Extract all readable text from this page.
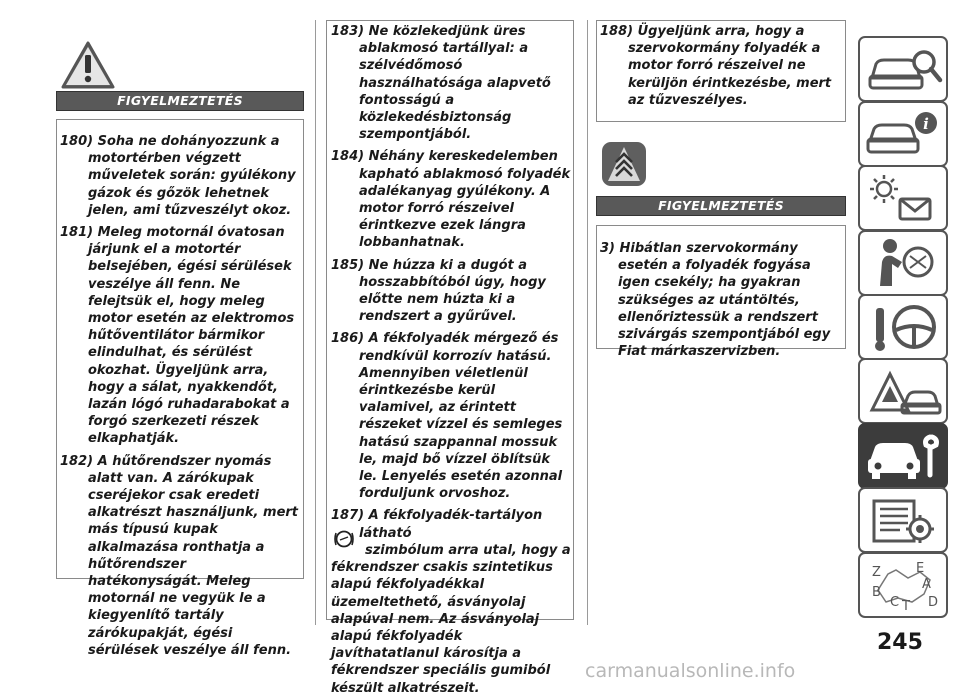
FIGYELMEZTETÉS

180) Soha ne dohányozzunk a motortérben végzett műveletek során: gyúlékony gázok és gőzök lehetnek jelen, ami tűzveszélyt okoz.

181) Meleg motornál óvatosan járjunk el a motortér belsejében, égési sérülések veszélye áll fenn. Ne felejtsük el, hogy meleg motor esetén az elektromos hűtőventilátor bármikor elindulhat, és sérülést okozhat. Ügyeljünk arra, hogy a sálat, nyakkendőt, lazán lógó ruhadarabokat a forgó szerkezeti részek elkaphatják.

182) A hűtőrendszer nyomás alatt van. A zárókupak cseréjekor csak eredeti alkatrészt használjunk, mert más típusú kupak alkalmazása ronthatja a hűtőrendszer hatékonyságát. Meleg motornál ne vegyük le a kiegyenlítő tartály zárókupakját, égési sérülések veszélye áll fenn.

183) Ne közlekedjünk üres ablakmosó tartállyal: a szélvédőmosó használhatósága alapvető fontosságú a közlekedésbiztonság szempontjából.

184) Néhány kereskedelemben kapható ablakmosó folyadék adalékanyag gyúlékony. A motor forró részeivel érintkezve ezek lángra lobbanhatnak.

185) Ne húzza ki a dugót a hosszabbítóból úgy, hogy előtte nem húzta ki a rendszert a gyűrűvel.

186) A fékfolyadék mérgező és rendkívül korrozív hatású. Amennyiben véletlenül érintkezésbe kerül valamivel, az érintett részeket vízzel és semleges hatású szappannal mossuk le, majd bő vízzel öblítsük le. Lenyelés esetén azonnal forduljunk orvoshoz.

187) A fékfolyadék-tartályon látható
szimbólum arra utal, hogy a
fékrendszer csakis szintetikus alapú fékfolyadékkal üzemeltethető, ásványolaj alapúval nem. Az ásványolaj alapú fékfolyadék javíthatatlanul károsítja a fékrendszer speciális gumiból készült alkatrészeit.

188) Ügyeljünk arra, hogy a szervokormány folyadék a motor forró részeivel ne kerüljön érintkezésbe, mert az tűzveszélyes.

FIGYELMEZTETÉS

3) Hibátlan szervokormány esetén a folyadék fogyása igen csekély; ha gyakran szükséges az utántöltés, ellenőriztessük a rendszert szivárgás szempontjából egy Fiat márkaszervizben.

i
Z	E
A
B
C T D
245
carmanualsonline.info
